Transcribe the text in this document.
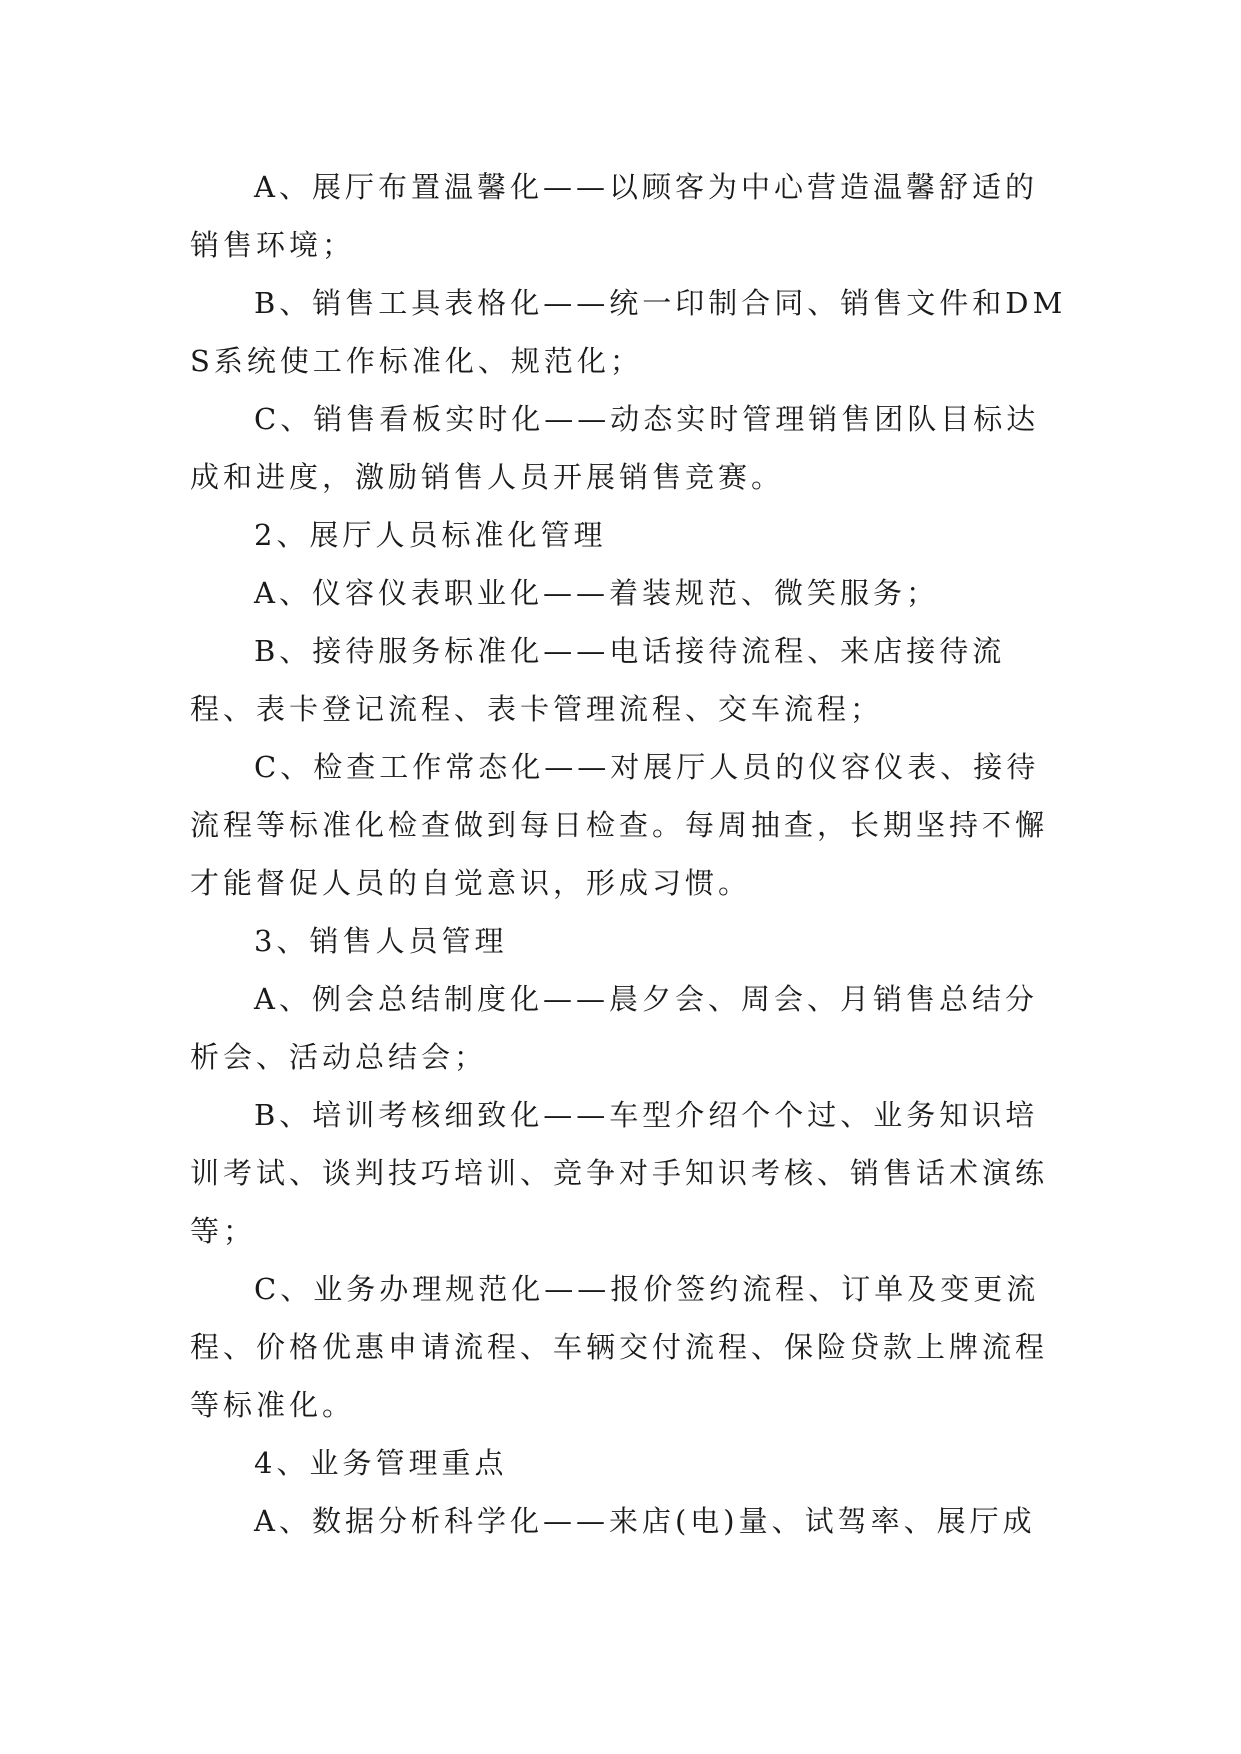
A、展厅布置温馨化——以顾客为中心营造温馨舒适的销售环境；

B、销售工具表格化——统一印制合同、销售文件和DMS系统使工作标准化、规范化；

C、销售看板实时化——动态实时管理销售团队目标达成和进度，激励销售人员开展销售竞赛。

2、展厅人员标准化管理

A、仪容仪表职业化——着装规范、微笑服务；

B、接待服务标准化——电话接待流程、来店接待流程、表卡登记流程、表卡管理流程、交车流程；

C、检查工作常态化——对展厅人员的仪容仪表、接待流程等标准化检查做到每日检查。每周抽查，长期坚持不懈才能督促人员的自觉意识，形成习惯。

3、销售人员管理

A、例会总结制度化——晨夕会、周会、月销售总结分析会、活动总结会；

B、培训考核细致化——车型介绍个个过、业务知识培训考试、谈判技巧培训、竞争对手知识考核、销售话术演练等；

C、业务办理规范化——报价签约流程、订单及变更流程、价格优惠申请流程、车辆交付流程、保险贷款上牌流程等标准化。

4、业务管理重点

A、数据分析科学化——来店(电)量、试驾率、展厅成
